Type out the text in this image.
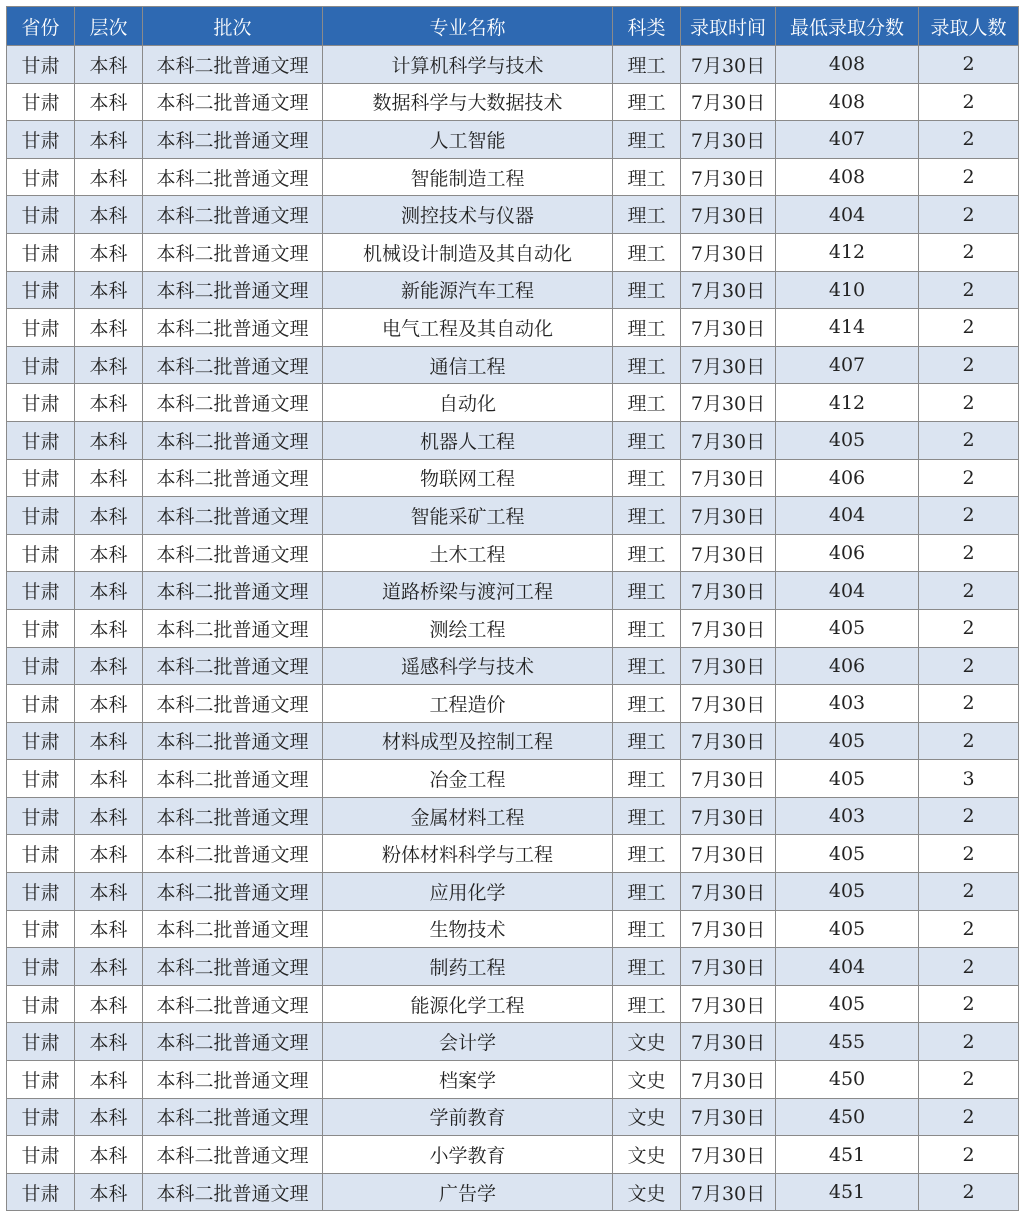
省份	层次	批次	专业名称	科类	录取时间	最低录取分数	录取人数
甘肃	本科	本科二批普通文理	计算机科学与技术	理工	7月30日	408	2
甘肃	本科	本科二批普通文理	数据科学与大数据技术	理工	7月30日	408	2
甘肃	本科	本科二批普通文理	人工智能	理工	7月30日	407	2
甘肃	本科	本科二批普通文理	智能制造工程	理工	7月30日	408	2
甘肃	本科	本科二批普通文理	测控技术与仪器	理工	7月30日	404	2
甘肃	本科	本科二批普通文理	机械设计制造及其自动化	理工	7月30日	412	2
甘肃	本科	本科二批普通文理	新能源汽车工程	理工	7月30日	410	2
甘肃	本科	本科二批普通文理	电气工程及其自动化	理工	7月30日	414	2
甘肃	本科	本科二批普通文理	通信工程	理工	7月30日	407	2
甘肃	本科	本科二批普通文理	自动化	理工	7月30日	412	2
甘肃	本科	本科二批普通文理	机器人工程	理工	7月30日	405	2
甘肃	本科	本科二批普通文理	物联网工程	理工	7月30日	406	2
甘肃	本科	本科二批普通文理	智能采矿工程	理工	7月30日	404	2
甘肃	本科	本科二批普通文理	土木工程	理工	7月30日	406	2
甘肃	本科	本科二批普通文理	道路桥梁与渡河工程	理工	7月30日	404	2
甘肃	本科	本科二批普通文理	测绘工程	理工	7月30日	405	2
甘肃	本科	本科二批普通文理	遥感科学与技术	理工	7月30日	406	2
甘肃	本科	本科二批普通文理	工程造价	理工	7月30日	403	2
甘肃	本科	本科二批普通文理	材料成型及控制工程	理工	7月30日	405	2
甘肃	本科	本科二批普通文理	冶金工程	理工	7月30日	405	3
甘肃	本科	本科二批普通文理	金属材料工程	理工	7月30日	403	2
甘肃	本科	本科二批普通文理	粉体材料科学与工程	理工	7月30日	405	2
甘肃	本科	本科二批普通文理	应用化学	理工	7月30日	405	2
甘肃	本科	本科二批普通文理	生物技术	理工	7月30日	405	2
甘肃	本科	本科二批普通文理	制药工程	理工	7月30日	404	2
甘肃	本科	本科二批普通文理	能源化学工程	理工	7月30日	405	2
甘肃	本科	本科二批普通文理	会计学	文史	7月30日	455	2
甘肃	本科	本科二批普通文理	档案学	文史	7月30日	450	2
甘肃	本科	本科二批普通文理	学前教育	文史	7月30日	450	2
甘肃	本科	本科二批普通文理	小学教育	文史	7月30日	451	2
甘肃	本科	本科二批普通文理	广告学	文史	7月30日	451	2
